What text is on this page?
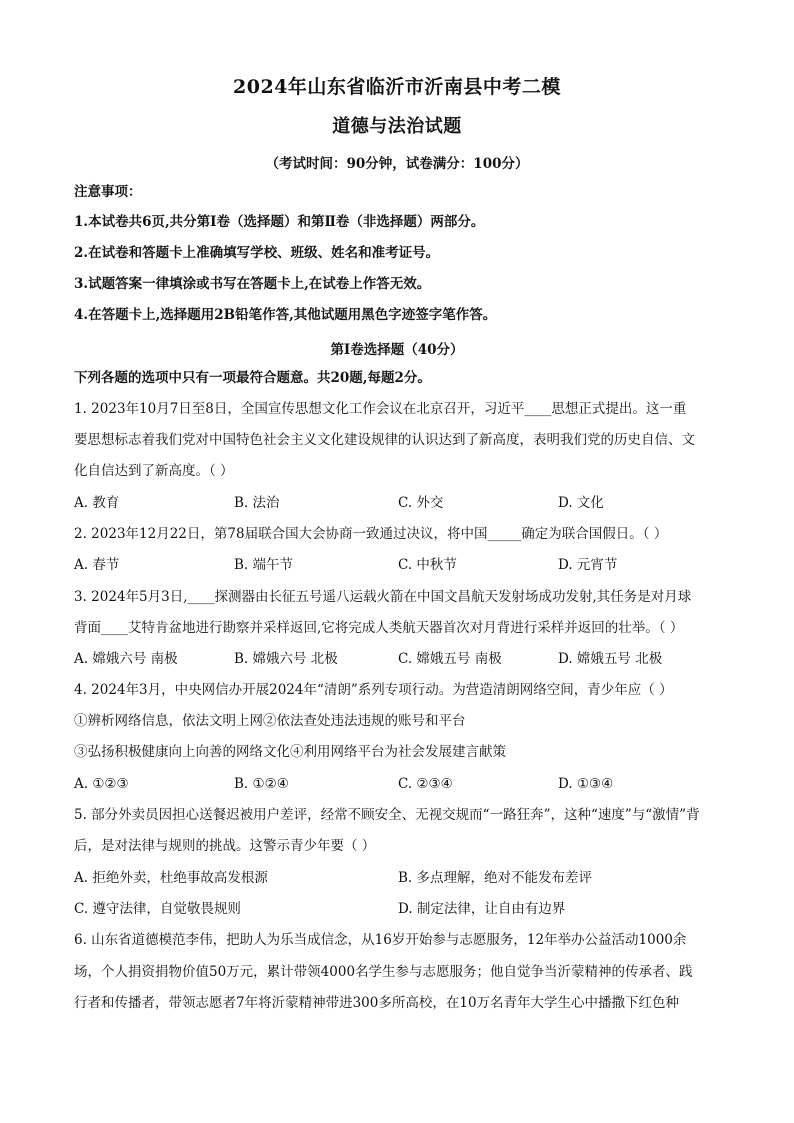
2024年山东省临沂市沂南县中考二模
道德与法治试题
（考试时间：90分钟，试卷满分：100分）
注意事项：
1.本试卷共6页,共分第Ⅰ卷（选择题）和第Ⅱ卷（非选择题）两部分。
2.在试卷和答题卡上准确填写学校、班级、姓名和准考证号。
3.试题答案一律填涂或书写在答题卡上,在试卷上作答无效。
4.在答题卡上,选择题用2B铅笔作答,其他试题用黑色字迹签字笔作答。
第Ⅰ卷选择题（40分）
下列各题的选项中只有一项最符合题意。共20题,每题2分。
1. 2023年10月7日至8日，全国宣传思想文化工作会议在北京召开，习近平____思想正式提出。这一重
要思想标志着我们党对中国特色社会主义文化建设规律的认识达到了新高度，表明我们党的历史自信、文
化自信达到了新高度。（ ）
A. 教育	B. 法治	C. 外交	D. 文化
2. 2023年12月22日，第78届联合国大会协商一致通过决议，将中国_____确定为联合国假日。（ ）
A. 春节	B. 端午节	C. 中秋节	D. 元宵节
3. 2024年5月3日,____探测器由长征五号遥八运载火箭在中国文昌航天发射场成功发射,其任务是对月球
背面____艾特肯盆地进行勘察并采样返回,它将完成人类航天器首次对月背进行采样并返回的壮举。（ ）
A. 嫦娥六号 南极	B. 嫦娥六号 北极	C. 嫦娥五号 南极	D. 嫦娥五号 北极
4. 2024年3月，中央网信办开展2024年“清朗”系列专项行动。为营造清朗网络空间，青少年应（ ）
①辨析网络信息，依法文明上网②依法查处违法违规的账号和平台
③弘扬积极健康向上向善的网络文化④利用网络平台为社会发展建言献策
A. ①②③	B. ①②④	C. ②③④	D. ①③④
5. 部分外卖员因担心送餐迟被用户差评，经常不顾安全、无视交规而“一路狂奔”，这种“速度”与“激情”背
后，是对法律与规则的挑战。这警示青少年要（ ）
A. 拒绝外卖，杜绝事故高发根源	B. 多点理解，绝对不能发布差评
C. 遵守法律，自觉敬畏规则	D. 制定法律，让自由有边界
6. 山东省道德模范李伟，把助人为乐当成信念，从16岁开始参与志愿服务，12年举办公益活动1000余
场，个人捐资捐物价值50万元，累计带领4000名学生参与志愿服务；他自觉争当沂蒙精神的传承者、践
行者和传播者，带领志愿者7年将沂蒙精神带进300多所高校，在10万名青年大学生心中播撒下红色种
